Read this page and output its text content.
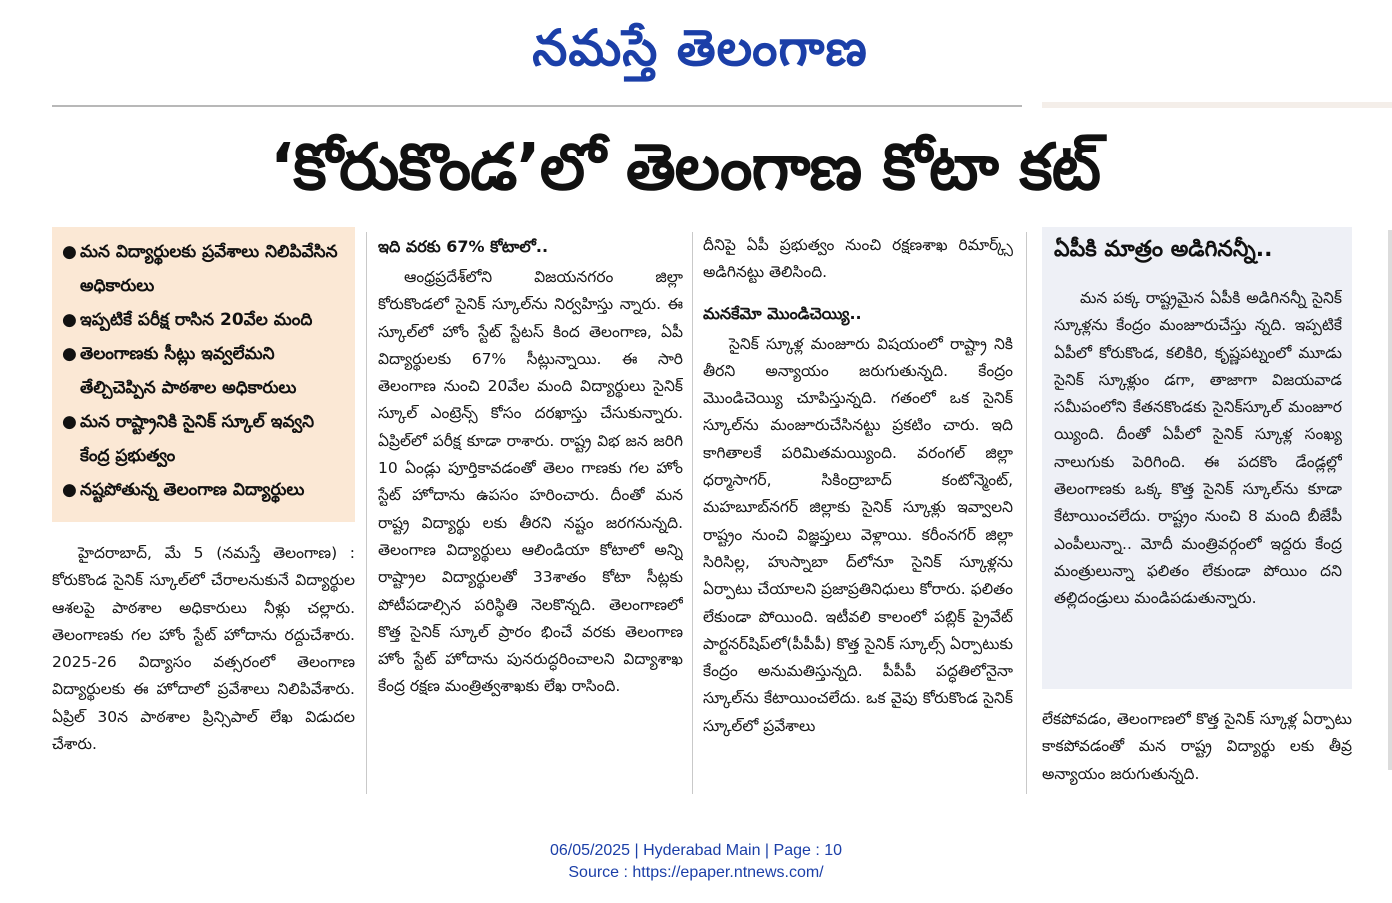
నమస్తే తెలంగాణ
‘కోరుకొండ’లో తెలంగాణ కోటా కట్
● మన విద్యార్థులకు ప్రవేశాలు నిలిపివేసిన అధికారులు
● ఇప్పటికే పరీక్ష రాసిన 20వేల మంది
● తెలంగాణకు సీట్లు ఇవ్వలేమని తేల్చిచెప్పిన పాఠశాల అధికారులు
● మన రాష్ట్రానికి సైనిక్ స్కూల్ ఇవ్వని కేంద్ర ప్రభుత్వం
● నష్టపోతున్న తెలంగాణ విద్యార్థులు

హైదరాబాద్, మే 5 (నమస్తే తెలంగాణ) : కోరుకొండ సైనిక్ స్కూల్‌లో చేరాలనుకునే విద్యార్థుల ఆశలపై పాఠశాల అధికారులు నీళ్లు చల్లారు. తెలంగాణకు గల హోం స్టేట్ హోదాను రద్దుచేశారు. 2025-26 విద్యాసం వత్సరంలో తెలంగాణ విద్యార్థులకు ఈ హోదాలో ప్రవేశాలు నిలిపివేశారు. ఏప్రిల్ 30న పాఠశాల ప్రిన్సిపాల్ లేఖ విడుదల చేశారు.

ఇది వరకు 67% కోటాలో..

ఆంధ్రప్రదేశ్‌లోని విజయనగరం జిల్లా కోరుకొండలో సైనిక్ స్కూల్‌ను నిర్వహిస్తు న్నారు. ఈ స్కూల్‌లో హోం స్టేట్ స్టేటస్ కింద తెలంగాణ, ఏపీ విద్యార్థులకు 67% సీట్లున్నాయి. ఈ సారి తెలంగాణ నుంచి 20వేల మంది విద్యార్థులు సైనిక్ స్కూల్ ఎంట్రెన్స్ కోసం దరఖాస్తు చేసుకున్నారు. ఏప్రిల్‌లో పరీక్ష కూడా రాశారు. రాష్ట్ర విభ జన జరిగి 10 ఏండ్లు పూర్తికావడంతో తెలం గాణకు గల హోం స్టేట్ హోదాను ఉపసం హరించారు. దీంతో మన రాష్ట్ర విద్యార్థు లకు తీరని నష్టం జరగనున్నది. తెలంగాణ విద్యార్థులు ఆలిండియా కోటాలో అన్ని రాష్ట్రాల విద్యార్థులతో 33శాతం కోటా సీట్లకు పోటీపడాల్సిన పరిస్థితి నెలకొన్నది. తెలంగాణలో కొత్త సైనిక్ స్కూల్ ప్రారం భించే వరకు తెలంగాణ హోం స్టేట్ హోదాను పునరుద్ధరించాలని విద్యాశాఖ కేంద్ర రక్షణ మంత్రిత్వశాఖకు లేఖ రాసింది.

దీనిపై ఏపీ ప్రభుత్వం నుంచి రక్షణశాఖ రిమార్క్స్ అడిగినట్టు తెలిసింది.

మనకేమో మొండిచెయ్యి..

సైనిక్ స్కూళ్ల మంజూరు విషయంలో రాష్ట్రా నికి తీరని అన్యాయం జరుగుతున్నది. కేంద్రం మొండిచెయ్యి చూపిస్తున్నది. గతంలో ఒక సైనిక్ స్కూల్‌ను మంజూరుచేసినట్టు ప్రకటిం చారు. ఇది కాగితాలకే పరిమితమయ్యింది. వరంగల్ జిల్లా ధర్మాసాగర్, సికింద్రాబాద్ కంటోన్మెంట్, మహబూబ్‌నగర్ జిల్లాకు సైనిక్ స్కూళ్లు ఇవ్వాలని రాష్ట్రం నుంచి విజ్ఞప్తులు వెళ్లాయి. కరీంనగర్ జిల్లా సిరిసిల్ల, హుస్నాబా ద్‌లోనూ సైనిక్ స్కూళ్లను ఏర్పాటు చేయాలని ప్రజాప్రతినిధులు కోరారు. ఫలితం లేకుండా పోయింది. ఇటీవలి కాలంలో పబ్లిక్ ప్రైవేట్ పార్టనర్‌షిప్‌లో(పీపీపీ) కొత్త సైనిక్ స్కూల్స్ ఏర్పాటుకు కేంద్రం అనుమతిస్తున్నది. పీపీపీ పద్ధతిలోనైనా స్కూల్‌ను కేటాయించలేదు. ఒక వైపు కోరుకొండ సైనిక్ స్కూల్‌లో ప్రవేశాలు

ఏపీకి మాత్రం అడిగినన్నీ..

మన పక్క రాష్ట్రమైన ఏపీకి అడిగినన్నీ సైనిక్ స్కూళ్లను కేంద్రం మంజూరుచేస్తు న్నది. ఇప్పటికే ఏపీలో కోరుకొండ, కలికిరి, కృష్ణపట్నంలో మూడు సైనిక్ స్కూళ్లుం డగా, తాజాగా విజయవాడ సమీపంలోని కేతనకొండకు సైనిక్‌స్కూల్ మంజూర య్యింది. దీంతో ఏపీలో సైనిక్ స్కూళ్ల సంఖ్య నాలుగుకు పెరిగింది. ఈ పదకొం డేండ్లల్లో తెలంగాణకు ఒక్క కొత్త సైనిక్ స్కూల్‌ను కూడా కేటాయించలేదు. రాష్ట్రం నుంచి 8 మంది బీజేపీ ఎంపీలున్నా.. మోదీ మంత్రివర్గంలో ఇద్దరు కేంద్ర మంత్రులున్నా ఫలితం లేకుండా పోయిం దని తల్లిదండ్రులు మండిపడుతున్నారు.

లేకపోవడం, తెలంగాణలో కొత్త సైనిక్ స్కూళ్ల ఏర్పాటు కాకపోవడంతో మన రాష్ట్ర విద్యార్థు లకు తీవ్ర అన్యాయం జరుగుతున్నది.

06/05/2025 | Hyderabad Main | Page : 10
Source : https://epaper.ntnews.com/
